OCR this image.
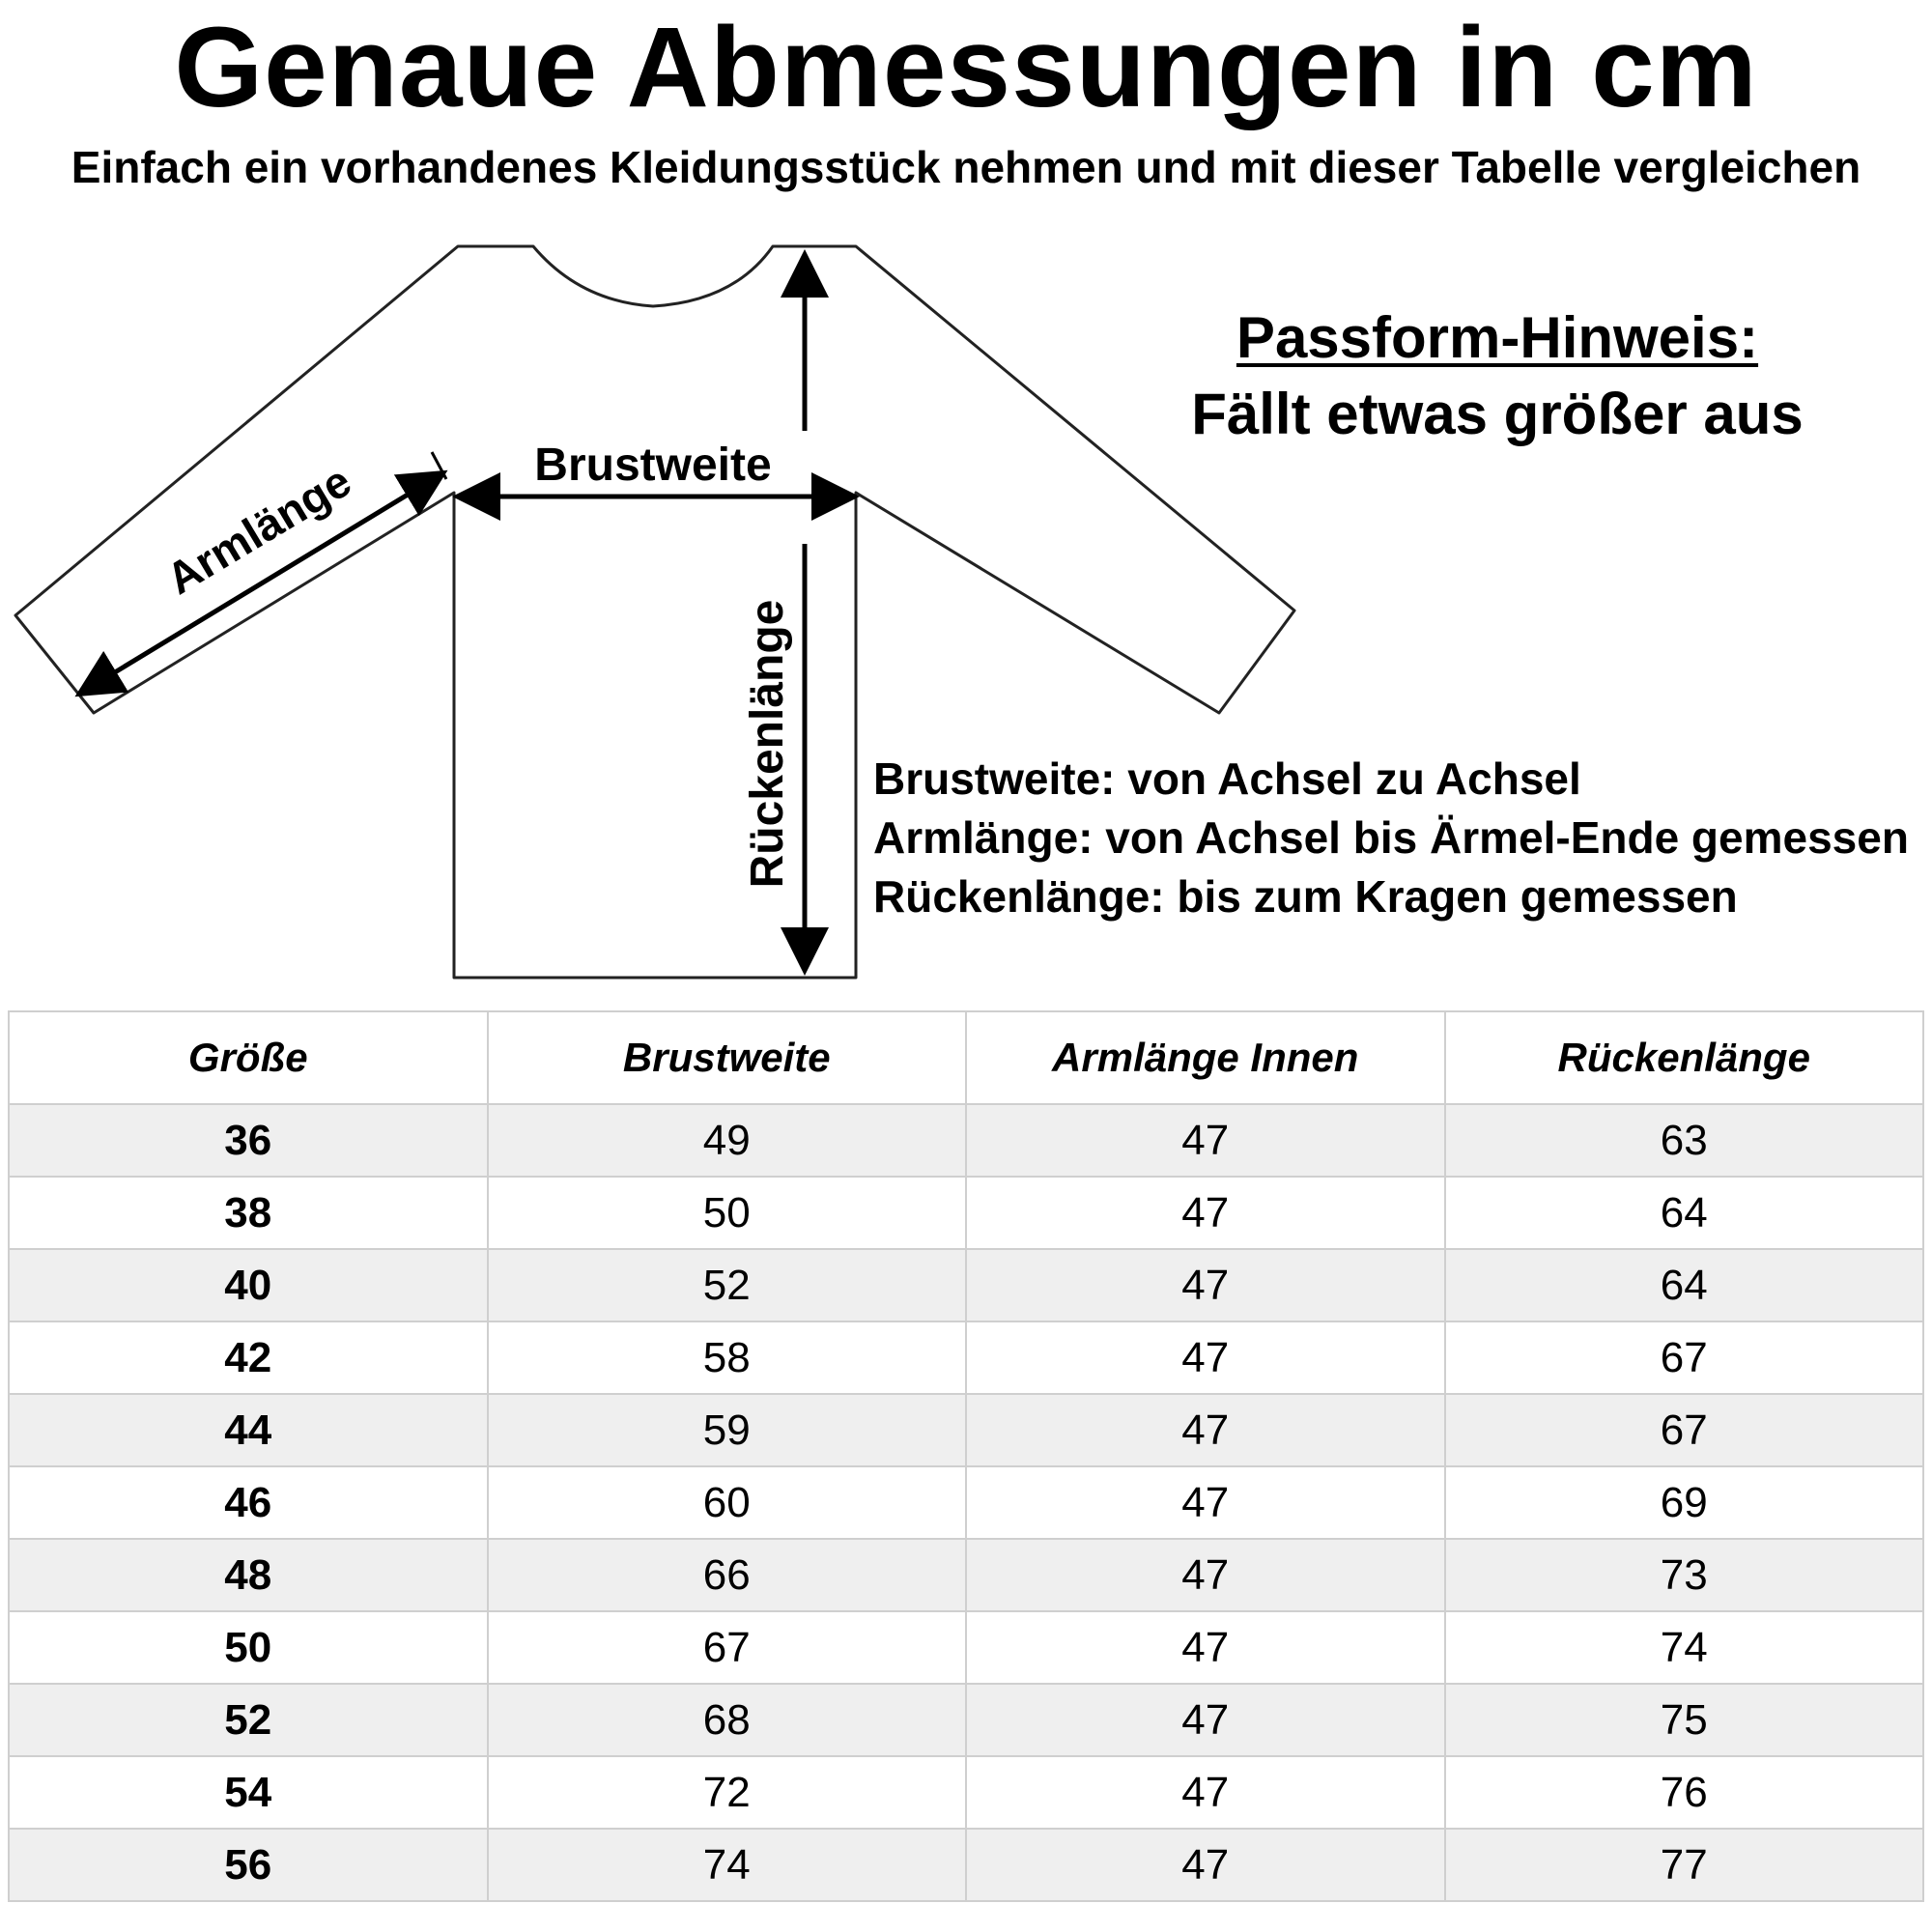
Genaue Abmessungen in cm
Einfach ein vorhandenes Kleidungsstück nehmen und mit dieser Tabelle vergleichen
Armlänge	Brustweite
Rückenlänge
Passform-Hinweis:
Fällt etwas größer aus
Brustweite: von Achsel zu Achsel
Armlänge: von Achsel bis Ärmel-Ende gemessen
Rückenlänge: bis zum Kragen gemessen
Größe	Brustweite	Armlänge Innen	Rückenlänge
36	49	47	63
38	50	47	64
40	52	47	64
42	58	47	67
44	59	47	67
46	60	47	69
48	66	47	73
50	67	47	74
52	68	47	75
54	72	47	76
56	74	47	77
